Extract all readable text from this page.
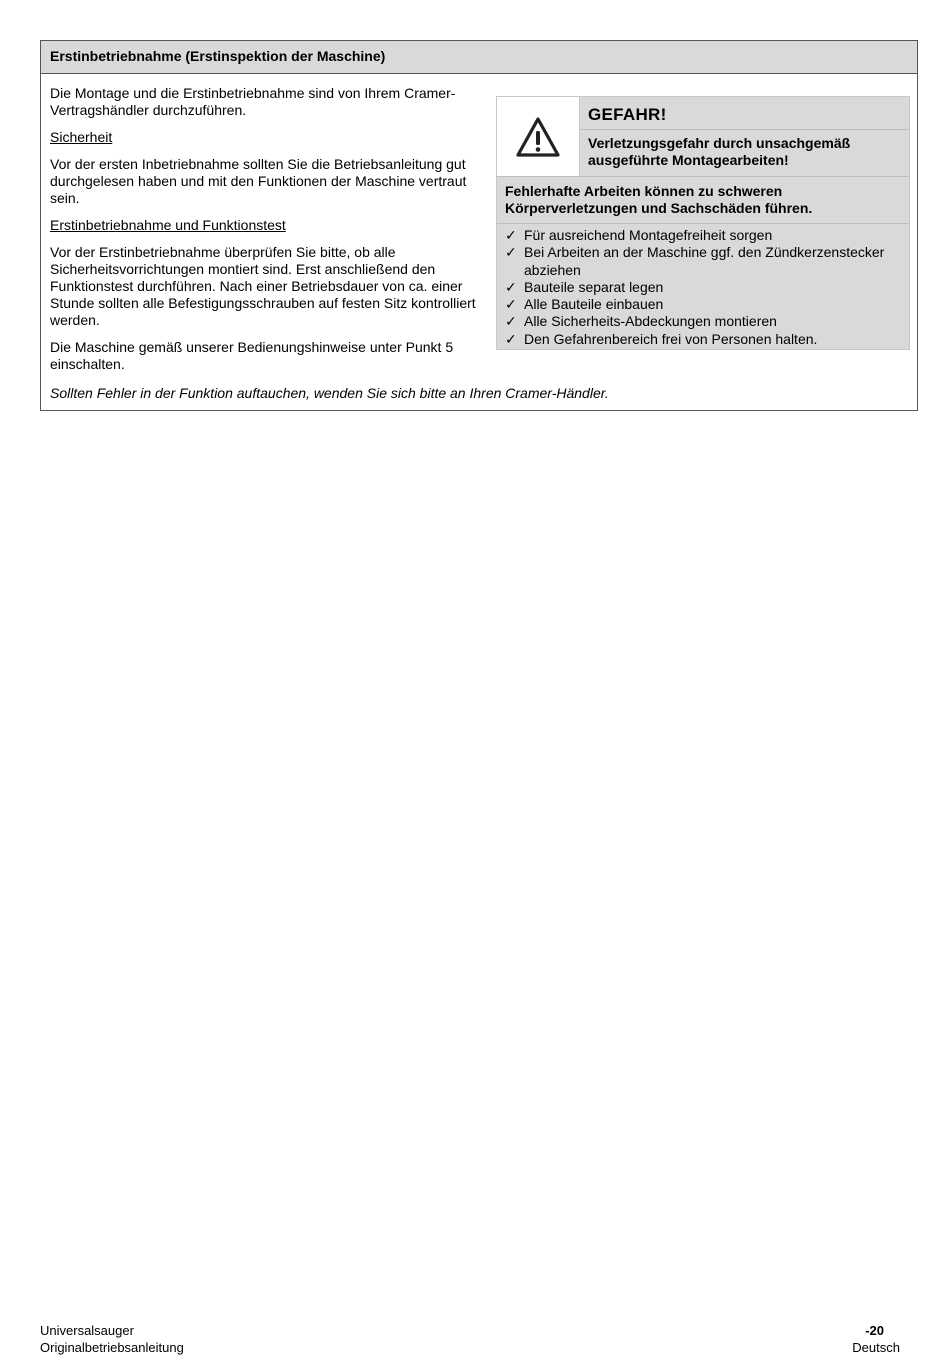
Erstinbetriebnahme (Erstinspektion der Maschine)

Die Montage und die Erstinbetriebnahme sind von Ihrem Cramer-Vertragshändler durchzuführen.

Sicherheit

Vor der ersten Inbetriebnahme sollten Sie die Betriebsanleitung gut durchgelesen haben und mit den Funktionen der Maschine vertraut sein.

Erstinbetriebnahme und Funktionstest

Vor der Erstinbetriebnahme überprüfen Sie bitte, ob alle Sicherheitsvorrichtungen montiert sind. Erst anschließend den Funktionstest durchführen. Nach einer Betriebsdauer von ca. einer Stunde sollten alle Befestigungsschrauben auf festen Sitz kontrolliert werden.

Die Maschine gemäß unserer Bedienungshinweise unter Punkt 5 einschalten.

GEFAHR!
Verletzungsgefahr durch unsachgemäß ausgeführte Montagearbeiten!
Fehlerhafte Arbeiten können zu schweren Körperverletzungen und Sachschäden führen.
✓ Für ausreichend Montagefreiheit sorgen
✓ Bei Arbeiten an der Maschine ggf. den Zündkerzenstecker abziehen
✓ Bauteile separat legen
✓ Alle Bauteile einbauen
✓ Alle Sicherheits-Abdeckungen montieren
✓ Den Gefahrenbereich frei von Personen halten.
Sollten Fehler in der Funktion auftauchen, wenden Sie sich bitte an Ihren Cramer-Händler.
Universalsauger
Originalbetriebsanleitung
-20
Deutsch
